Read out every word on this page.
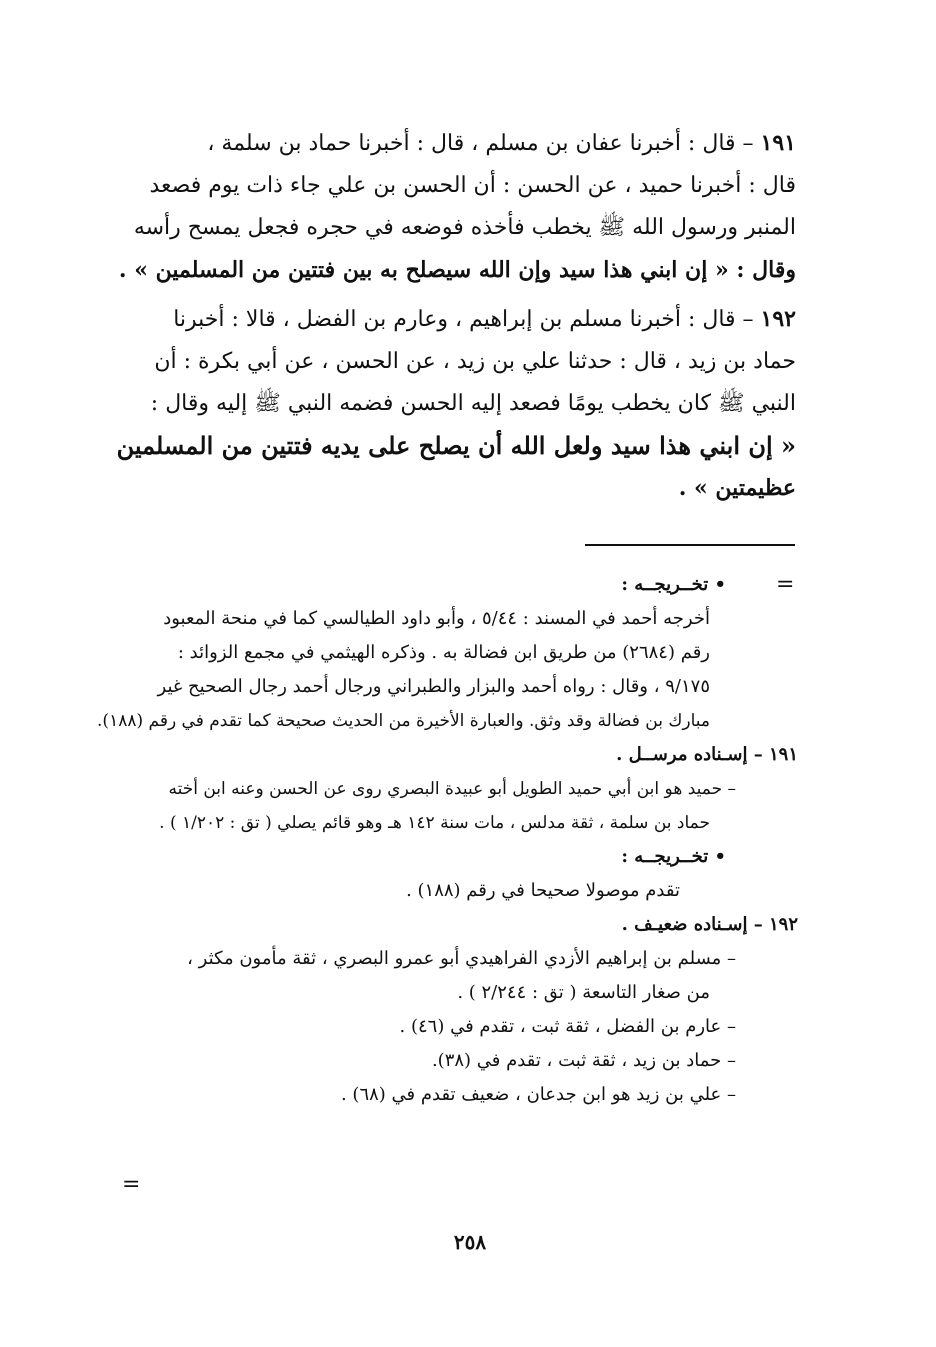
١٩١ – قال : أخبرنا عفان بن مسلم ، قال : أخبرنا حماد بن سلمة ،
قال : أخبرنا حميد ، عن الحسن : أن الحسن بن علي جاء ذات يوم فصعد
المنبر ورسول الله ﷺ يخطب فأخذه فوضعه في حجره فجعل يمسح رأسه
وقال : « إن ابني هذا سيد وإن الله سيصلح به بين فتتين من المسلمين » .
١٩٢ – قال : أخبرنا مسلم بن إبراهيم ، وعارم بن الفضل ، قالا : أخبرنا
حماد بن زيد ، قال : حدثنا علي بن زيد ، عن الحسن ، عن أبي بكرة : أن
النبي ﷺ كان يخطب يومًا فصعد إليه الحسن فضمه النبي ﷺ إليه وقال :
« إن ابني هذا سيد ولعل الله أن يصلح على يديه فتتين من المسلمين
عظيمتين » .
=
• تخــريجــه :
أخرجه أحمد في المسند : ٥/٤٤ ، وأبو داود الطيالسي كما في منحة المعبود
رقم (٢٦٨٤) من طريق ابن فضالة به . وذكره الهيثمي في مجمع الزوائد :
٩/١٧٥ ، وقال : رواه أحمد والبزار والطبراني ورجال أحمد رجال الصحيح غير
مبارك بن فضالة وقد وثق. والعبارة الأخيرة من الحديث صحيحة كما تقدم في رقم (١٨٨).
١٩١ – إسـناده مرســل .
– حميد هو ابن أبي حميد الطويل أبو عبيدة البصري روى عن الحسن وعنه ابن أخته
حماد بن سلمة ، ثقة مدلس ، مات سنة ١٤٢ هـ وهو قائم يصلي ( تق : ١/٢٠٢ ) .
• تخــريجــه :
تقدم موصولا صحيحا في رقم (١٨٨) .
١٩٢ – إسـناده ضعيـف .
– مسلم بن إبراهيم الأزدي الفراهيدي أبو عمرو البصري ، ثقة مأمون مكثر ،
من صغار التاسعة ( تق : ٢/٢٤٤ ) .
– عارم بن الفضل ، ثقة ثبت ، تقدم في (٤٦) .
– حماد بن زيد ، ثقة ثبت ، تقدم في (٣٨).
– علي بن زيد هو ابن جدعان ، ضعيف تقدم في (٦٨) .
=
٢٥٨
